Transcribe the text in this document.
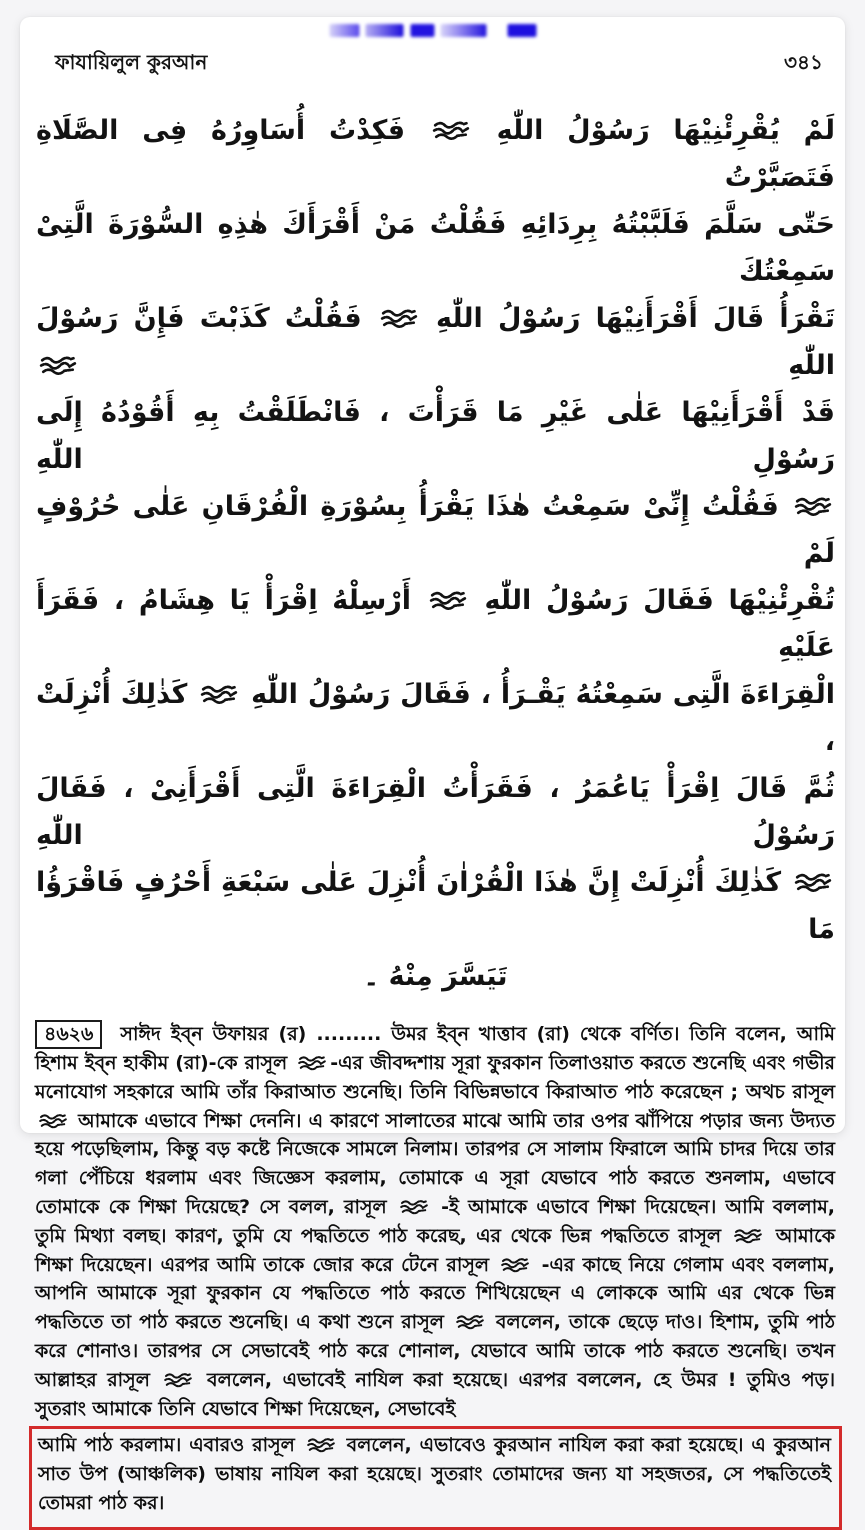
ফাযায়িলুল কুরআন	৩৪১
لَمْ يُقْرِئْنِيْهَا رَسُوْلُ اللّٰهِ  فَكِدْتُ أُسَاوِرُهُ فِى الصَّلَاةِ فَتَصَبَّرْتُ
حَتّٰى سَلَّمَ فَلَبَّبْتُهُ بِرِدَائِهِ فَقُلْتُ مَنْ أَقْرَأَكَ هٰذِهِ السُّوْرَةَ الَّتِىْ سَمِعْتُكَ
تَقْرَأُ قَالَ أَقْرَأَنِيْهَا رَسُوْلُ اللّٰهِ  فَقُلْتُ كَذَبْتَ فَإِنَّ رَسُوْلَ اللّٰهِ
قَدْ أَقْرَأَنِيْهَا عَلٰى غَيْرِ مَا قَرَأْتَ ، فَانْطَلَقْتُ بِهِ أَقُوْدُهُ إِلَى رَسُوْلِ اللّٰهِ
فَقُلْتُ إِنِّىْ سَمِعْتُ هٰذَا يَقْرَأُ بِسُوْرَةِ الْفُرْقَانِ عَلٰى حُرُوْفٍ لَمْ
تُقْرِئْنِيْهَا فَقَالَ رَسُوْلُ اللّٰهِ  أَرْسِلْهُ اِقْرَأْ يَا هِشَامُ ، فَقَرَأَ عَلَيْهِ
الْقِرَاءَةَ الَّتِى سَمِعْتُهُ يَقْـرَأُ ، فَقَالَ رَسُوْلُ اللّٰهِ  كَذٰلِكَ أُنْزِلَتْ ،
ثُمَّ قَالَ اِقْرَأْ يَاعُمَرُ ، فَقَرَأْتُ الْقِرَاءَةَ الَّتِى أَقْرَأَنِىْ ، فَقَالَ رَسُوْلُ اللّٰهِ
كَذٰلِكَ أُنْزِلَتْ إِنَّ هٰذَا الْقُرْاٰنَ أُنْزِلَ عَلٰى سَبْعَةِ أَحْرُفٍ فَاقْرَؤُا مَا
تَيَسَّرَ مِنْهُ ۔

৪৬২৬ সাঈদ ইব্‌ন উফায়র (র) ......... উমর ইব্‌ন খাত্তাব (রা) থেকে বর্ণিত। তিনি বলেন, আমি হিশাম ইব্‌ন হাকীম (রা)-কে রাসূল -এর জীবদ্দশায় সূরা ফুরকান তিলাওয়াত করতে শুনেছি এবং গভীর মনোযোগ সহকারে আমি তাঁর কিরাআত শুনেছি। তিনি বিভিন্নভাবে কিরাআত পাঠ করেছেন ; অথচ রাসূল  আমাকে এভাবে শিক্ষা দেননি। এ কারণে সালাতের মাঝে আমি তার ওপর ঝাঁপিয়ে পড়ার জন্য উদ্যত হয়ে পড়েছিলাম, কিন্তু বড় কষ্টে নিজেকে সামলে নিলাম। তারপর সে সালাম ফিরালে আমি চাদর দিয়ে তার গলা পেঁচিয়ে ধরলাম এবং জিজ্ঞেস করলাম, তোমাকে এ সূরা যেভাবে পাঠ করতে শুনলাম, এভাবে তোমাকে কে শিক্ষা দিয়েছে? সে বলল, রাসূল  -ই আমাকে এভাবে শিক্ষা দিয়েছেন। আমি বললাম, তুমি মিথ্যা বলছ। কারণ, তুমি যে পদ্ধতিতে পাঠ করেছ, এর থেকে ভিন্ন পদ্ধতিতে রাসূল  আমাকে শিক্ষা দিয়েছেন। এরপর আমি তাকে জোর করে টেনে রাসূল  -এর কাছে নিয়ে গেলাম এবং বললাম, আপনি আমাকে সূরা ফুরকান যে পদ্ধতিতে পাঠ করতে শিখিয়েছেন এ লোককে আমি এর থেকে ভিন্ন পদ্ধতিতে তা পাঠ করতে শুনেছি। এ কথা শুনে রাসূল  বললেন, তাকে ছেড়ে দাও। হিশাম, তুমি পাঠ করে শোনাও। তারপর সে সেভাবেই পাঠ করে শোনাল, যেভাবে আমি তাকে পাঠ করতে শুনেছি। তখন আল্লাহর রাসূল  বললেন, এভাবেই নাযিল করা হয়েছে। এরপর বললেন, হে উমর ! তুমিও পড়। সুতরাং আমাকে তিনি যেভাবে শিক্ষা দিয়েছেন, সেভাবেই

আমি পাঠ করলাম। এবারও রাসূল  বললেন, এভাবেও কুরআন নাযিল করা করা হয়েছে। এ কুরআন সাত উপ (আঞ্চলিক) ভাষায় নাযিল করা হয়েছে। সুতরাং তোমাদের জন্য যা সহজতর, সে পদ্ধতিতেই তোমরা পাঠ কর।
